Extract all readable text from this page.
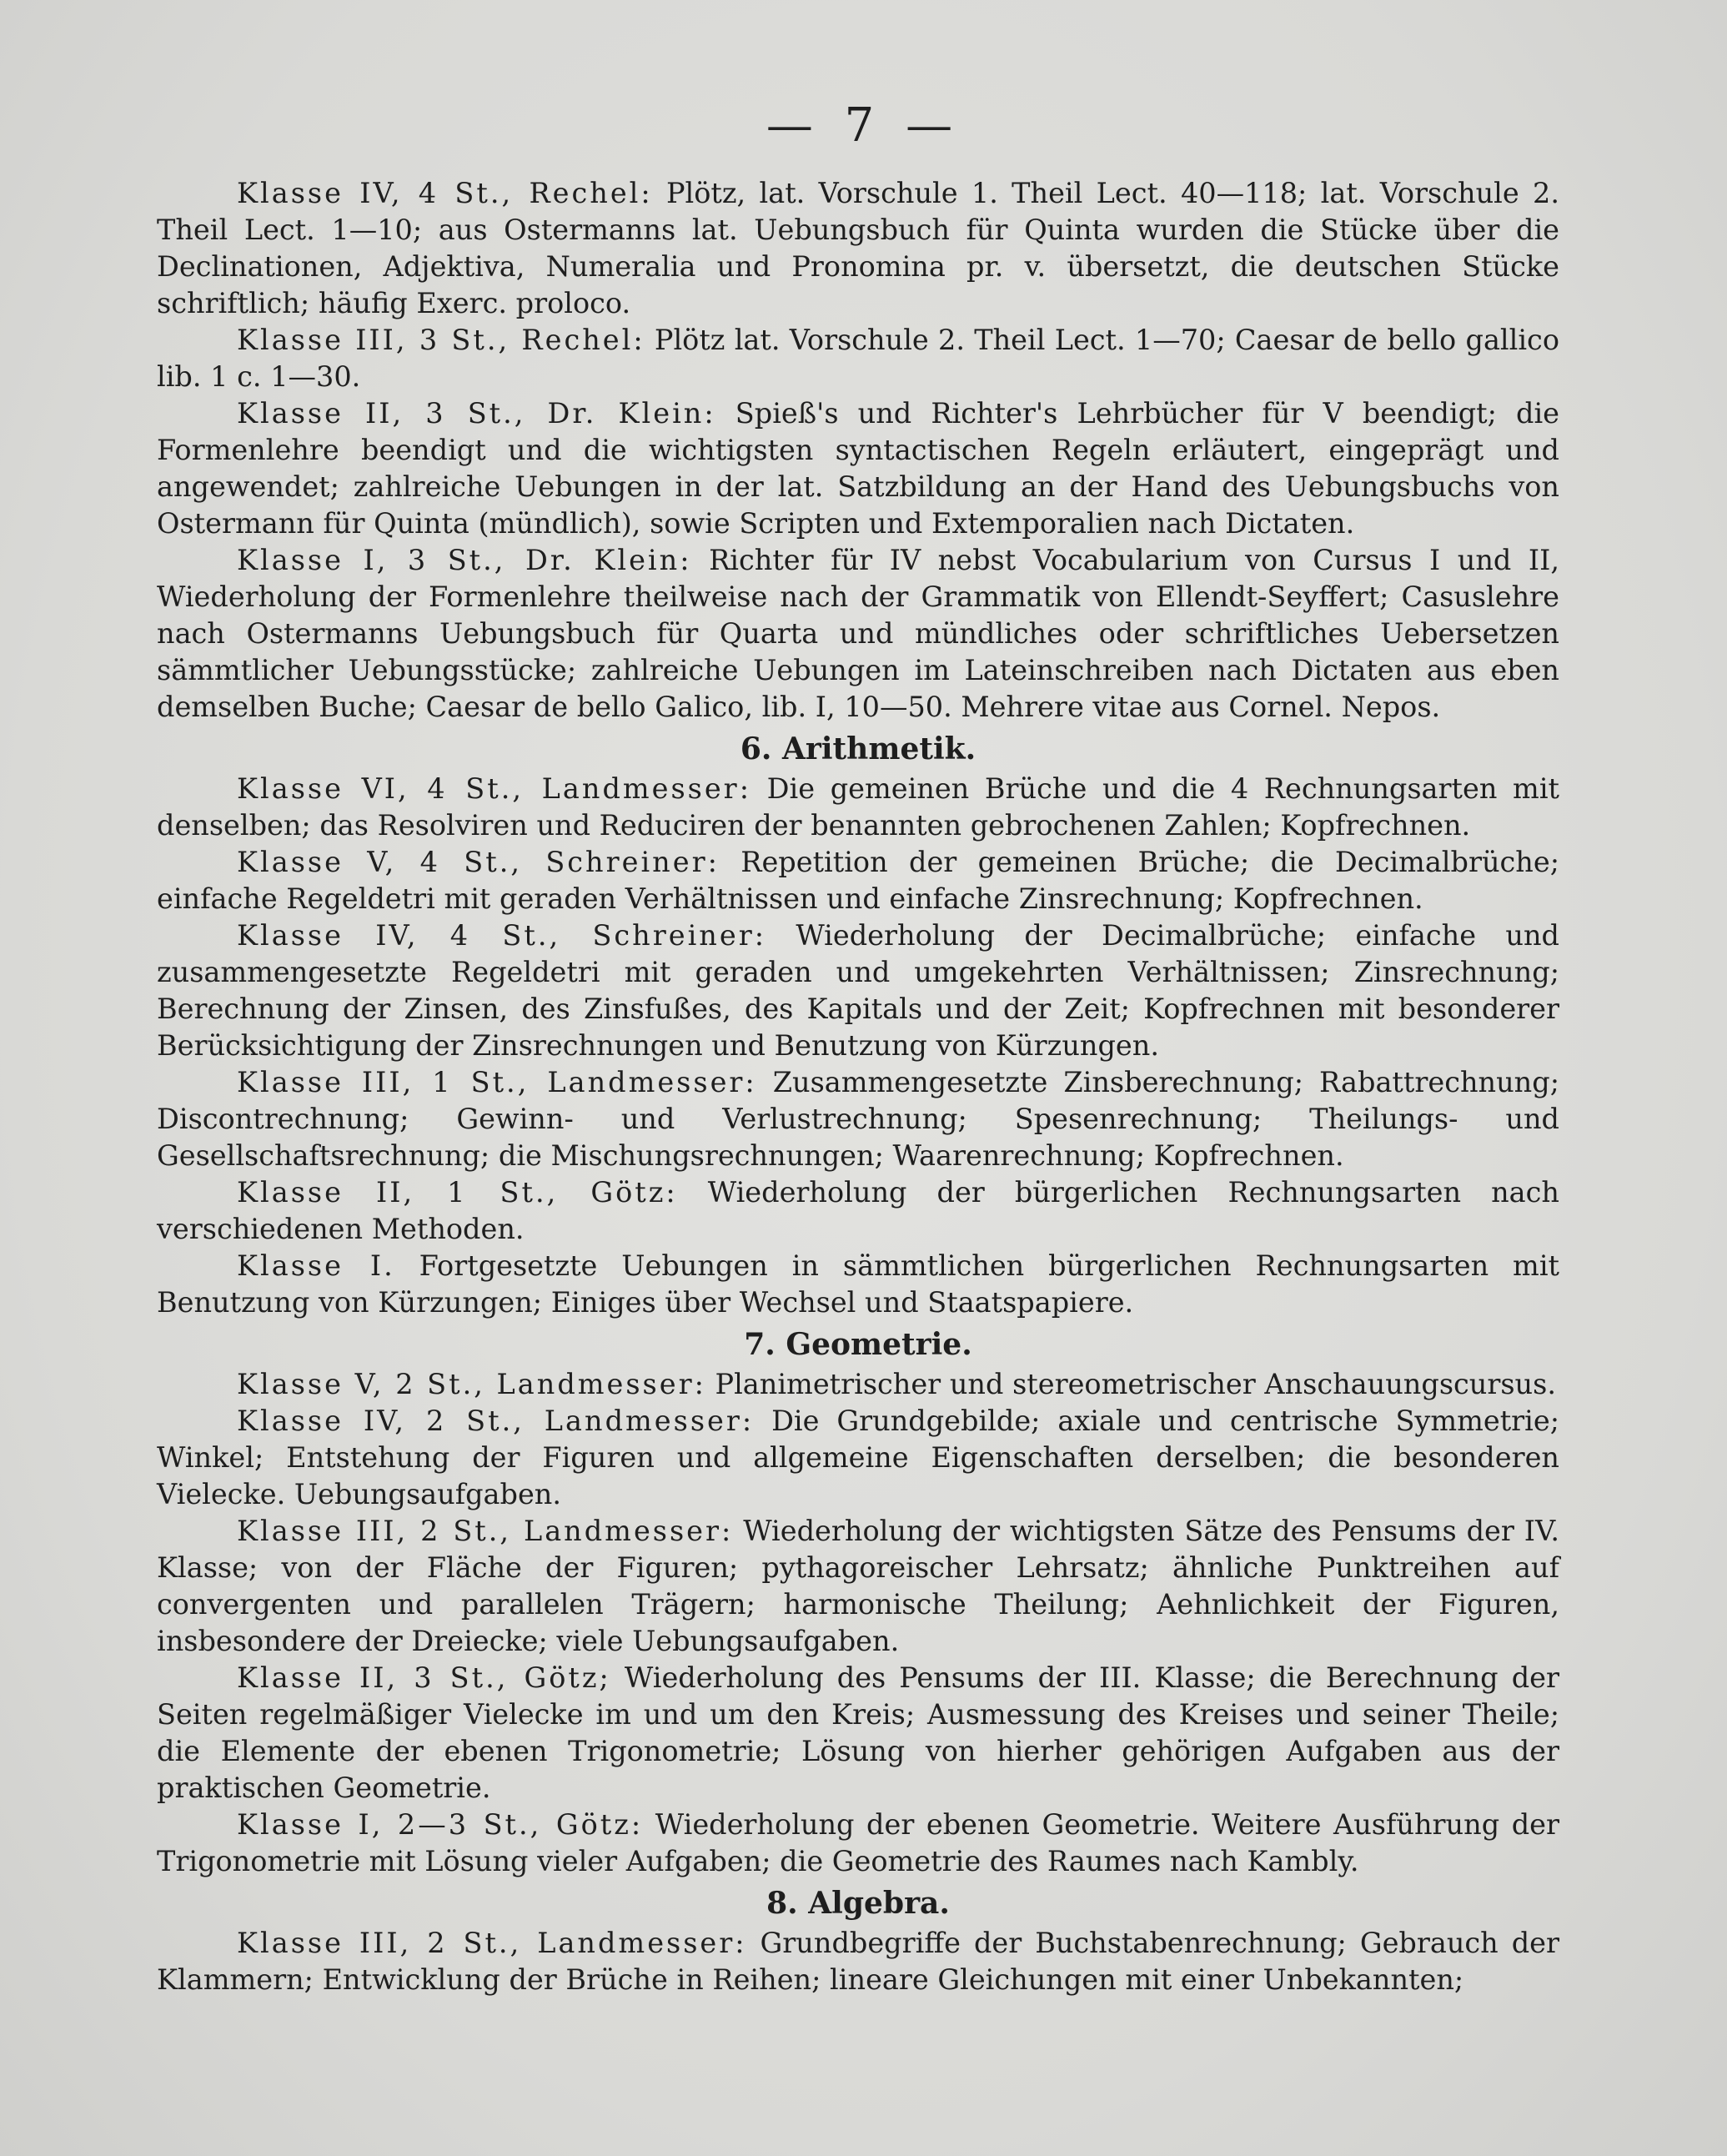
— 7 —

Klasse IV, 4 St., Rechel: Plötz, lat. Vorschule 1. Theil Lect. 40—118; lat. Vorschule 2. Theil Lect. 1—10; aus Ostermanns lat. Uebungsbuch für Quinta wurden die Stücke über die Declinationen, Adjektiva, Numeralia und Pronomina pr. v. übersetzt, die deutschen Stücke schriftlich; häufig Exerc. proloco.

Klasse III, 3 St., Rechel: Plötz lat. Vorschule 2. Theil Lect. 1—70; Caesar de bello gallico lib. 1 c. 1—30.

Klasse II, 3 St., Dr. Klein: Spieß's und Richter's Lehrbücher für V beendigt; die Formenlehre beendigt und die wichtigsten syntactischen Regeln erläutert, eingeprägt und angewendet; zahlreiche Uebungen in der lat. Satzbildung an der Hand des Uebungsbuchs von Ostermann für Quinta (mündlich), sowie Scripten und Extemporalien nach Dictaten.

Klasse I, 3 St., Dr. Klein: Richter für IV nebst Vocabularium von Cursus I und II, Wiederholung der Formenlehre theilweise nach der Grammatik von Ellendt-Seyffert; Casuslehre nach Ostermanns Uebungsbuch für Quarta und mündliches oder schriftliches Uebersetzen sämmtlicher Uebungsstücke; zahlreiche Uebungen im Lateinschreiben nach Dictaten aus eben demselben Buche; Caesar de bello Galico, lib. I, 10—50. Mehrere vitae aus Cornel. Nepos.

6. Arithmetik.

Klasse VI, 4 St., Landmesser: Die gemeinen Brüche und die 4 Rechnungsarten mit denselben; das Resolviren und Reduciren der benannten gebrochenen Zahlen; Kopfrechnen.

Klasse V, 4 St., Schreiner: Repetition der gemeinen Brüche; die Decimalbrüche; einfache Regeldetri mit geraden Verhältnissen und einfache Zinsrechnung; Kopfrechnen.

Klasse IV, 4 St., Schreiner: Wiederholung der Decimalbrüche; einfache und zusammengesetzte Regeldetri mit geraden und umgekehrten Verhältnissen; Zinsrechnung; Berechnung der Zinsen, des Zinsfußes, des Kapitals und der Zeit; Kopfrechnen mit besonderer Berücksichtigung der Zinsrechnungen und Benutzung von Kürzungen.

Klasse III, 1 St., Landmesser: Zusammengesetzte Zinsberechnung; Rabattrechnung; Discontrechnung; Gewinn- und Verlustrechnung; Spesenrechnung; Theilungs- und Gesellschaftsrechnung; die Mischungsrechnungen; Waarenrechnung; Kopfrechnen.

Klasse II, 1 St., Götz: Wiederholung der bürgerlichen Rechnungsarten nach verschiedenen Methoden.

Klasse I. Fortgesetzte Uebungen in sämmtlichen bürgerlichen Rechnungsarten mit Benutzung von Kürzungen; Einiges über Wechsel und Staatspapiere.

7. Geometrie.

Klasse V, 2 St., Landmesser: Planimetrischer und stereometrischer Anschauungscursus.

Klasse IV, 2 St., Landmesser: Die Grundgebilde; axiale und centrische Symmetrie; Winkel; Entstehung der Figuren und allgemeine Eigenschaften derselben; die besonderen Vielecke. Uebungsaufgaben.

Klasse III, 2 St., Landmesser: Wiederholung der wichtigsten Sätze des Pensums der IV. Klasse; von der Fläche der Figuren; pythagoreischer Lehrsatz; ähnliche Punktreihen auf convergenten und parallelen Trägern; harmonische Theilung; Aehnlichkeit der Figuren, insbesondere der Dreiecke; viele Uebungsaufgaben.

Klasse II, 3 St., Götz; Wiederholung des Pensums der III. Klasse; die Berechnung der Seiten regelmäßiger Vielecke im und um den Kreis; Ausmessung des Kreises und seiner Theile; die Elemente der ebenen Trigonometrie; Lösung von hierher gehörigen Aufgaben aus der praktischen Geometrie.

Klasse I, 2—3 St., Götz: Wiederholung der ebenen Geometrie. Weitere Ausführung der Trigonometrie mit Lösung vieler Aufgaben; die Geometrie des Raumes nach Kambly.

8. Algebra.

Klasse III, 2 St., Landmesser: Grundbegriffe der Buchstabenrechnung; Gebrauch der Klammern; Entwicklung der Brüche in Reihen; lineare Gleichungen mit einer Unbekannten;
